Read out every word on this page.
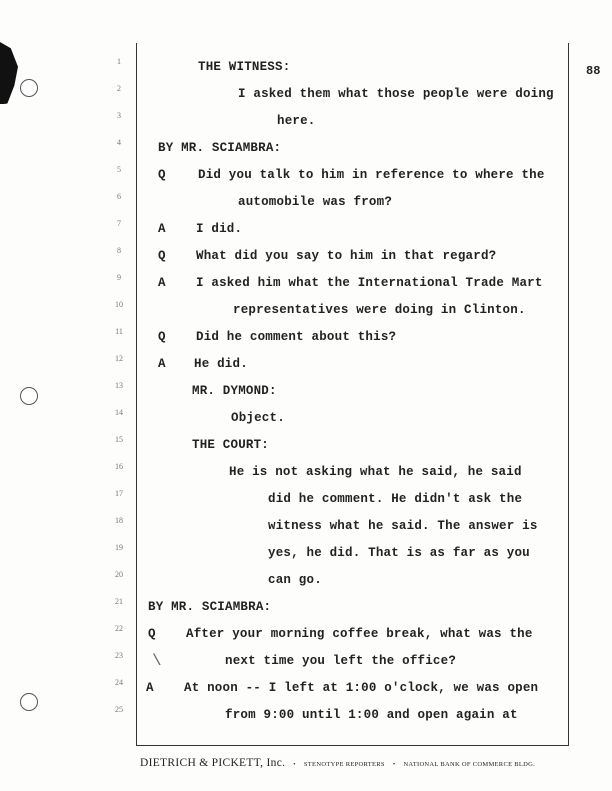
88
1
2
3
4
5
6
7
8
9
10
11
12
13
14
15
16
17
18
19
20
21
22
23
24
25
THE WITNESS:
I asked them what those people were doing
here.
BY MR. SCIAMBRA:
Q	Did you talk to him in reference to where the
automobile was from?
A I did.
Q What did you say to him in that regard?
A I asked him what the International Trade Mart
representatives were doing in Clinton.
Q Did he comment about this?
A He did.
MR. DYMOND:
Object.
THE COURT:
He is not asking what he said, he said
did he comment. He didn't ask the
witness what he said. The answer is
yes, he did. That is as far as you
can go.
BY MR. SCIAMBRA:
Q After your morning coffee break, what was the
next time you left the office?
A At noon -- I left at 1:00 o'clock, we was open
from 9:00 until 1:00 and open again at
\
DIETRICH & PICKETT, Inc. • STENOTYPE REPORTERS • NATIONAL BANK OF COMMERCE BLDG.
